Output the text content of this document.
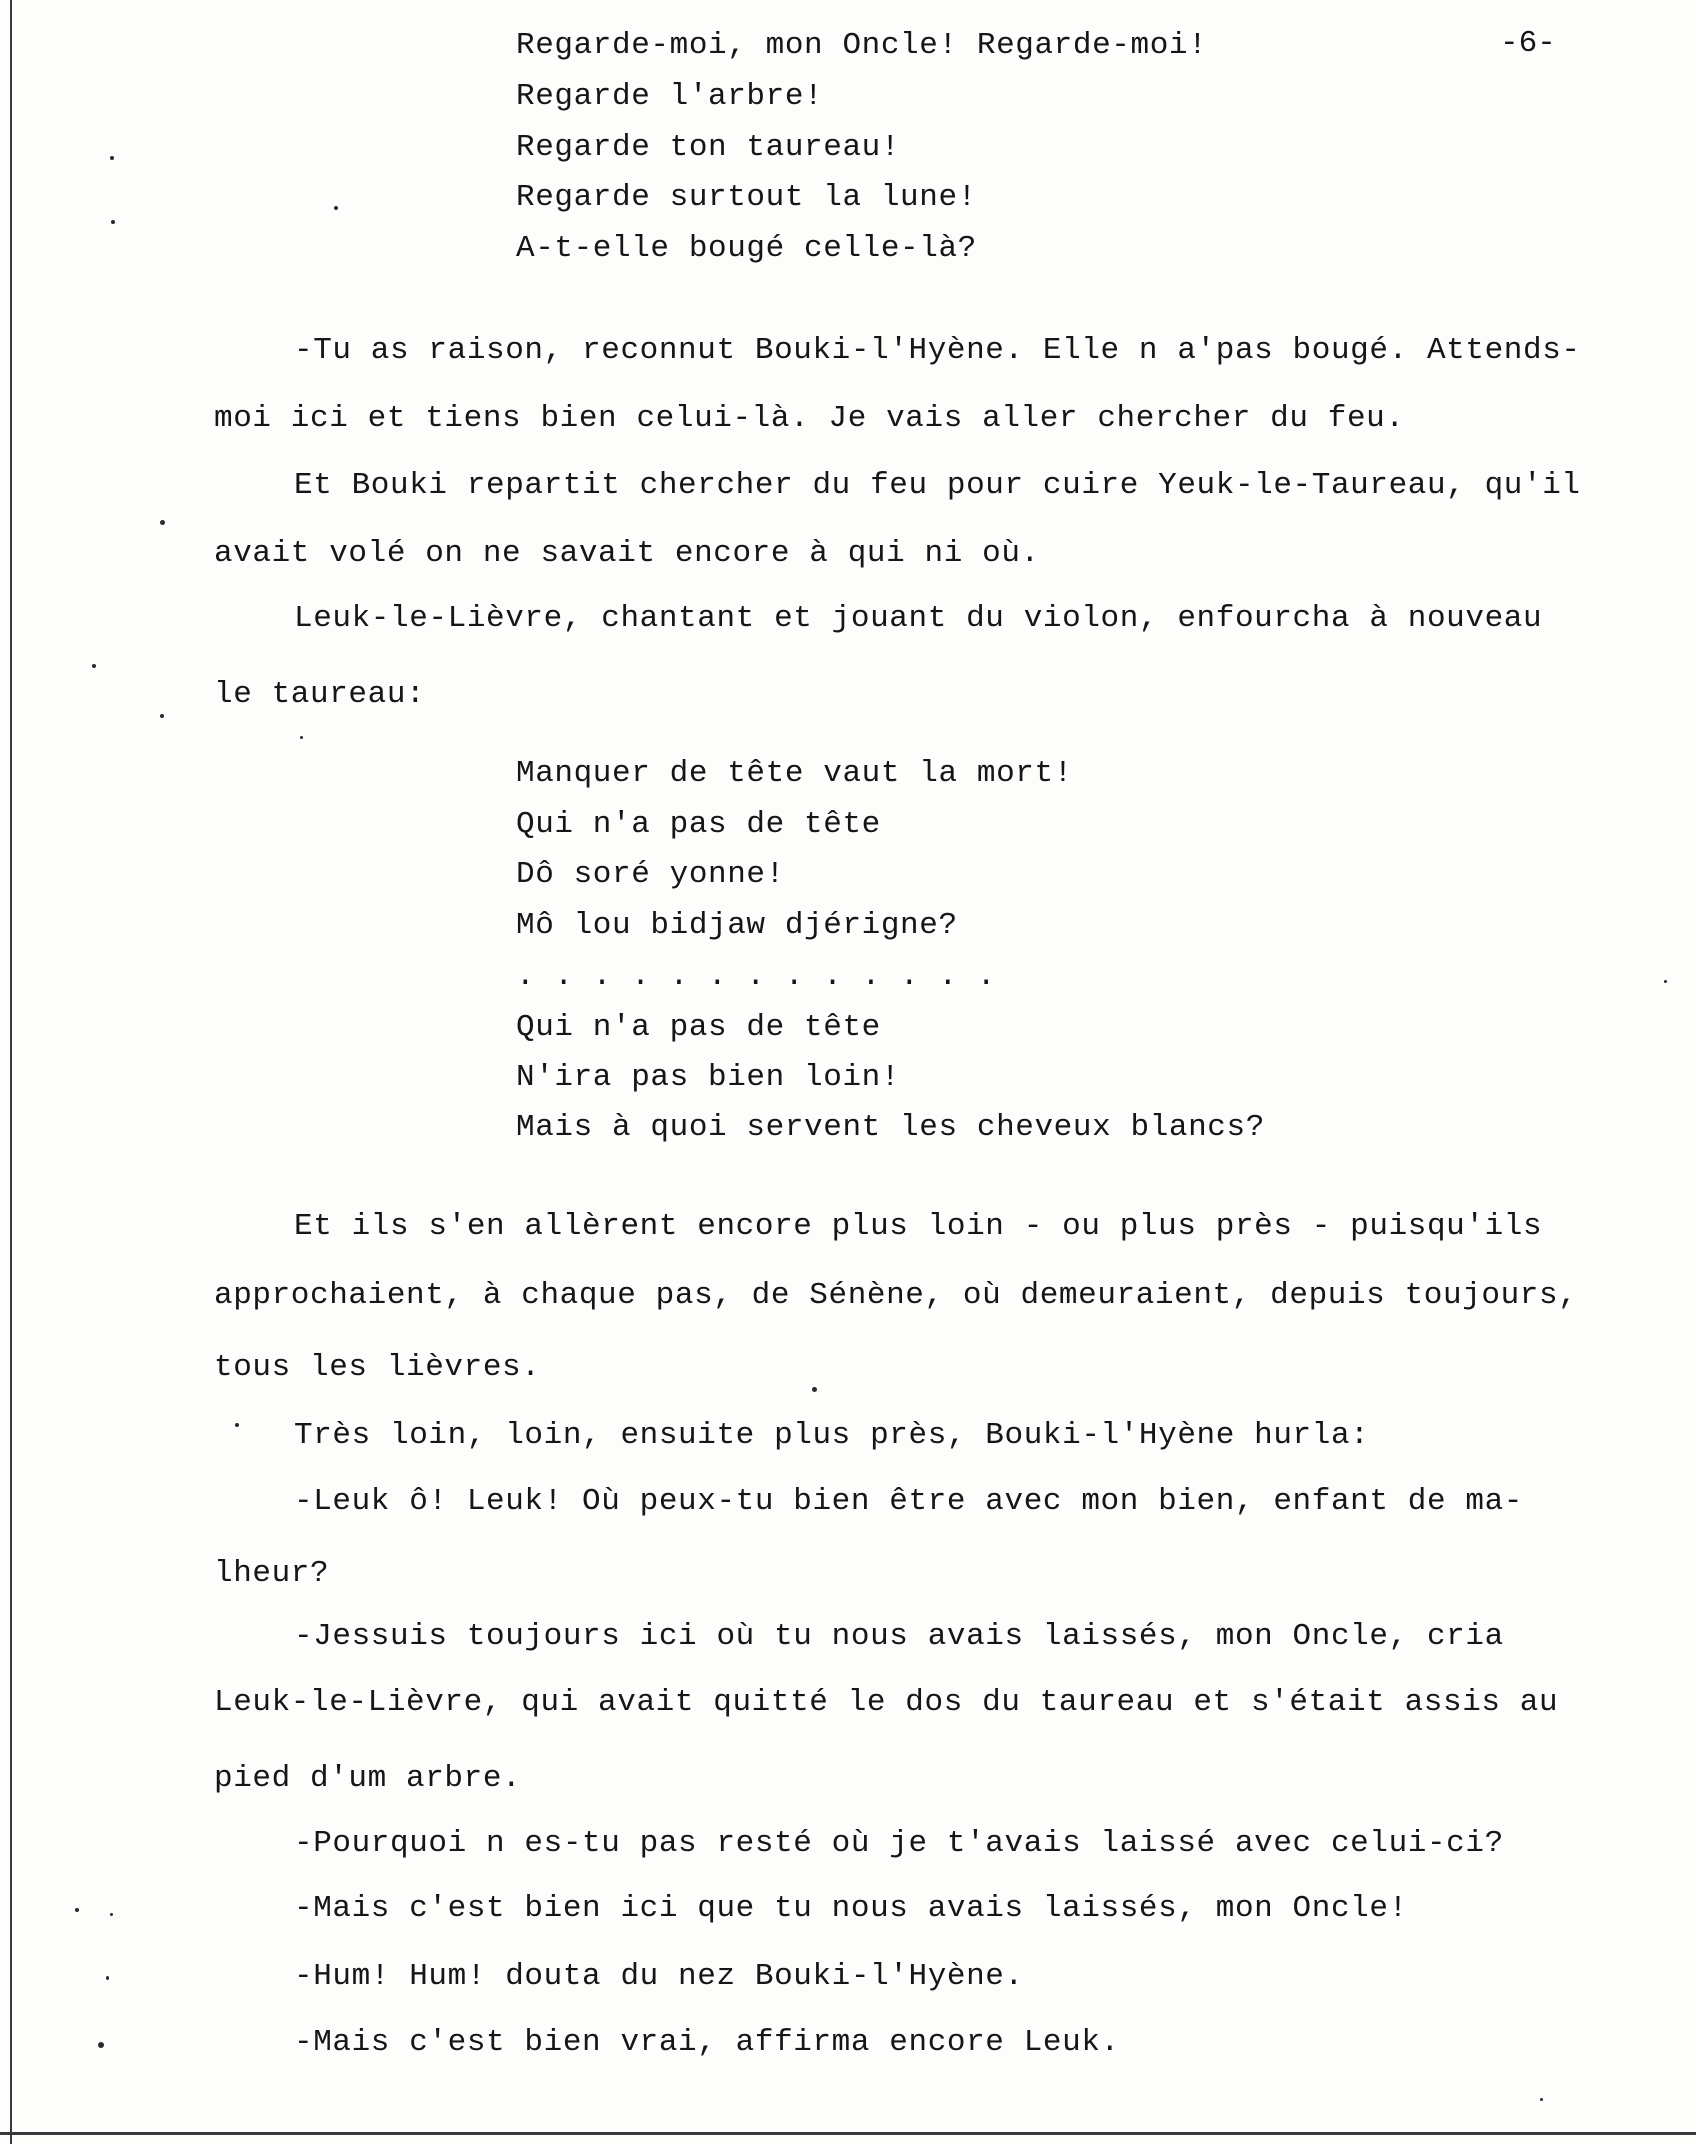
-6-
Regarde-moi, mon Oncle! Regarde-moi!
Regarde l'arbre!
Regarde ton taureau!
Regarde surtout la lune!
A-t-elle bougé celle-là?
-Tu as raison, reconnut Bouki-l'Hyène. Elle n a'pas bougé. Attends-
moi ici et tiens bien celui-là. Je vais aller chercher du feu.
Et Bouki repartit chercher du feu pour cuire Yeuk-le-Taureau, qu'il
avait volé on ne savait encore à qui ni où.
Leuk-le-Lièvre, chantant et jouant du violon, enfourcha à nouveau
le taureau:
Manquer de tête vaut la mort!
Qui n'a pas de tête
Dô soré yonne!
Mô lou bidjaw djérigne?
. . . . . . . . . . . . .
Qui n'a pas de tête
N'ira pas bien loin!
Mais à quoi servent les cheveux blancs?
Et ils s'en allèrent encore plus loin - ou plus près - puisqu'ils
approchaient, à chaque pas, de Sénène, où demeuraient, depuis toujours,
tous les lièvres.
Très loin, loin, ensuite plus près, Bouki-l'Hyène hurla:
-Leuk ô! Leuk! Où peux-tu bien être avec mon bien, enfant de ma-
lheur?
-Jessuis toujours ici où tu nous avais laissés, mon Oncle, cria
Leuk-le-Lièvre, qui avait quitté le dos du taureau et s'était assis au
pied d'um arbre.
-Pourquoi n es-tu pas resté où je t'avais laissé avec celui-ci?
-Mais c'est bien ici que tu nous avais laissés, mon Oncle!
-Hum! Hum! douta du nez Bouki-l'Hyène.
-Mais c'est bien vrai, affirma encore Leuk.
